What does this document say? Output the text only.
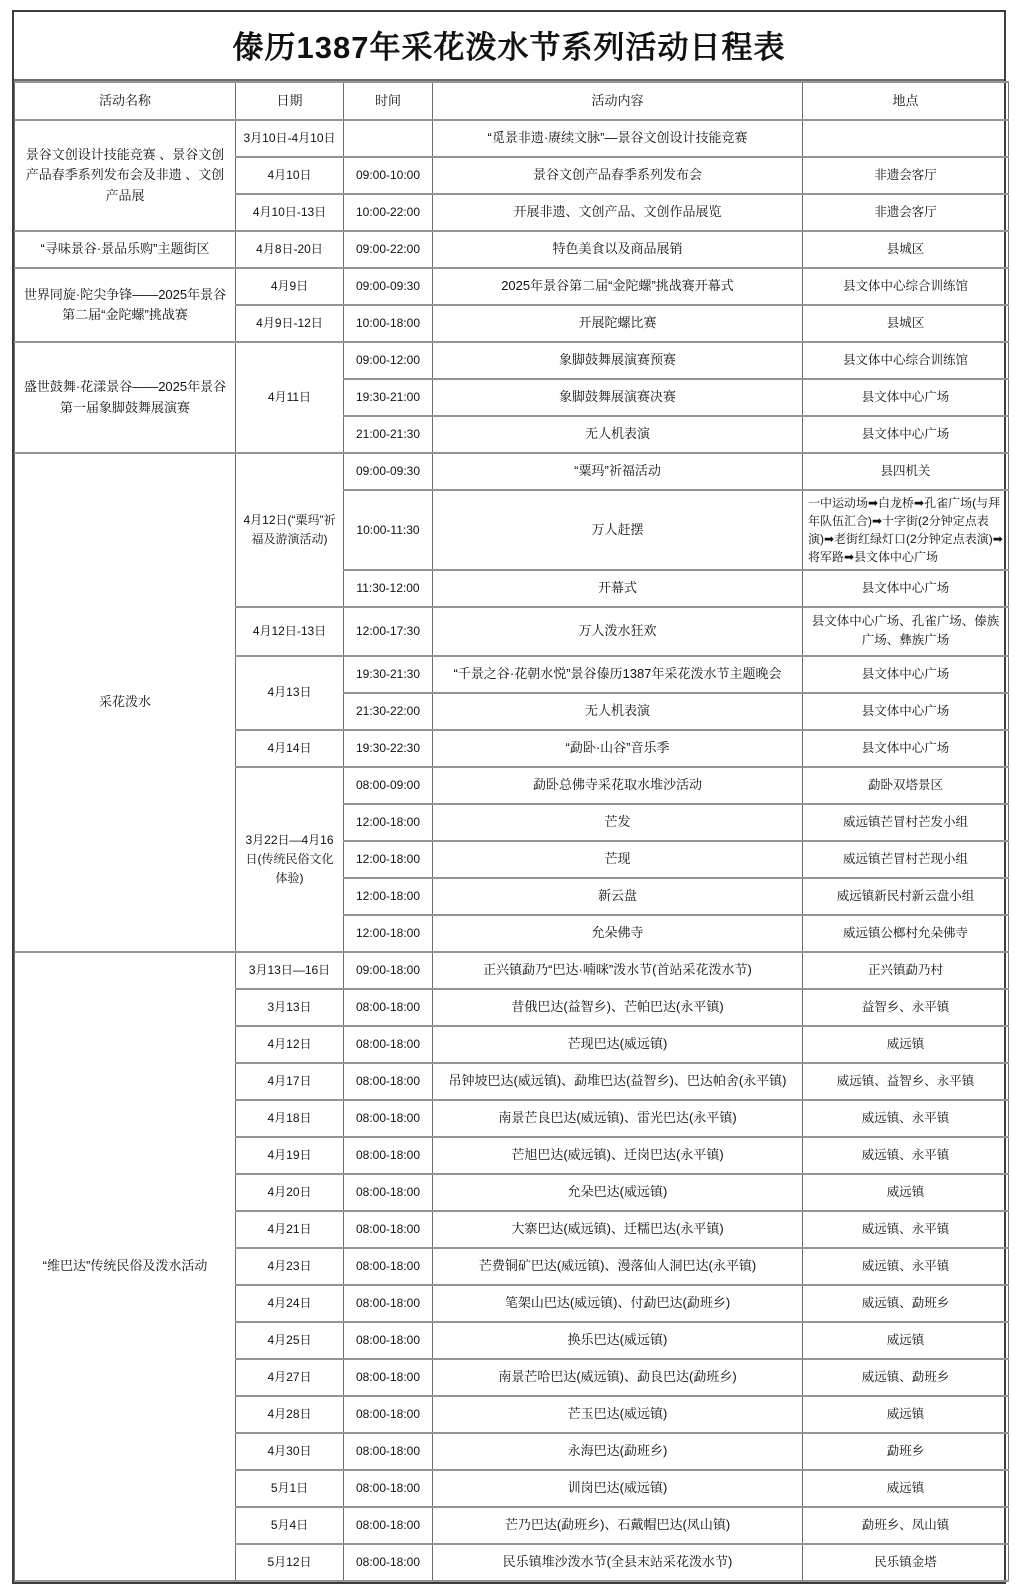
傣历1387年采花泼水节系列活动日程表
活动名称	日期	时间	活动内容	地点
景谷文创设计技能竞赛 、景谷文创产品春季系列发布会及非遗 、文创产品展	3月10日-4月10日		“觅景非遗·赓续文脉”—景谷文创设计技能竞赛	
	4月10日	09:00-10:00	景谷文创产品春季系列发布会	非遗会客厅
	4月10日-13日	10:00-22:00	开展非遗、文创产品、文创作品展览	非遗会客厅
“寻味景谷·景品乐购”主题街区	4月8日-20日	09:00-22:00	特色美食以及商品展销	县城区
世界同旋·陀尖争锋——2025年景谷第二届“金陀螺”挑战赛	4月9日	09:00-09:30	2025年景谷第二届“金陀螺”挑战赛开幕式	县文体中心综合训练馆
	4月9日-12日	10:00-18:00	开展陀螺比赛	县城区
盛世鼓舞·花漾景谷——2025年景谷第一届象脚鼓舞展演赛	4月11日	09:00-12:00	象脚鼓舞展演赛预赛	县文体中心综合训练馆
		19:30-21:00	象脚鼓舞展演赛决赛	县文体中心广场
		21:00-21:30	无人机表演	县文体中心广场
采花泼水	4月12日(“粟玛”祈福及游演活动)	09:00-09:30	“粟玛”祈福活动	县四机关
		10:00-11:30	万人赶摆	一中运动场➡白龙桥➡孔雀广场(与拜年队伍汇合)➡十字街(2分钟定点表演)➡老街红绿灯口(2分钟定点表演)➡将军路➡县文体中心广场
		11:30-12:00	开幕式	县文体中心广场
	4月12日-13日	12:00-17:30	万人泼水狂欢	县文体中心广场、孔雀广场、傣族广场、彝族广场
	4月13日	19:30-21:30	“千景之谷·花朝水悦”景谷傣历1387年采花泼水节主题晚会	县文体中心广场
		21:30-22:00	无人机表演	县文体中心广场
	4月14日	19:30-22:30	“勐卧·山谷”音乐季	县文体中心广场
	3月22日—4月16日(传统民俗文化体验)	08:00-09:00	勐卧总佛寺采花取水堆沙活动	勐卧双塔景区
		12:00-18:00	芒发	威远镇芒冒村芒发小组
		12:00-18:00	芒现	威远镇芒冒村芒现小组
		12:00-18:00	新云盘	威远镇新民村新云盘小组
		12:00-18:00	允朵佛寺	威远镇公榔村允朵佛寺
“维巴达”传统民俗及泼水活动	3月13日—16日	09:00-18:00	正兴镇勐乃“巴达·喃咪”泼水节(首站采花泼水节)	正兴镇勐乃村
	3月13日	08:00-18:00	昔俄巴达(益智乡)、芒帕巴达(永平镇)	益智乡、永平镇
	4月12日	08:00-18:00	芒现巴达(威远镇)	威远镇
	4月17日	08:00-18:00	吊钟坡巴达(威远镇)、勐堆巴达(益智乡)、巴达帕舍(永平镇)	威远镇、益智乡、永平镇
	4月18日	08:00-18:00	南景芒良巴达(威远镇)、雷光巴达(永平镇)	威远镇、永平镇
	4月19日	08:00-18:00	芒旭巴达(威远镇)、迁岗巴达(永平镇)	威远镇、永平镇
	4月20日	08:00-18:00	允朵巴达(威远镇)	威远镇
	4月21日	08:00-18:00	大寨巴达(威远镇)、迁糯巴达(永平镇)	威远镇、永平镇
	4月23日	08:00-18:00	芒费铜矿巴达(威远镇)、漫落仙人洞巴达(永平镇)	威远镇、永平镇
	4月24日	08:00-18:00	笔架山巴达(威远镇)、付勐巴达(勐班乡)	威远镇、勐班乡
	4月25日	08:00-18:00	换乐巴达(威远镇)	威远镇
	4月27日	08:00-18:00	南景芒哈巴达(威远镇)、勐良巴达(勐班乡)	威远镇、勐班乡
	4月28日	08:00-18:00	芒玉巴达(威远镇)	威远镇
	4月30日	08:00-18:00	永海巴达(勐班乡)	勐班乡
	5月1日	08:00-18:00	训岗巴达(威远镇)	威远镇
	5月4日	08:00-18:00	芒乃巴达(勐班乡)、石戴帽巴达(凤山镇)	勐班乡、凤山镇
	5月12日	08:00-18:00	民乐镇堆沙泼水节(全县末站采花泼水节)	民乐镇金塔
